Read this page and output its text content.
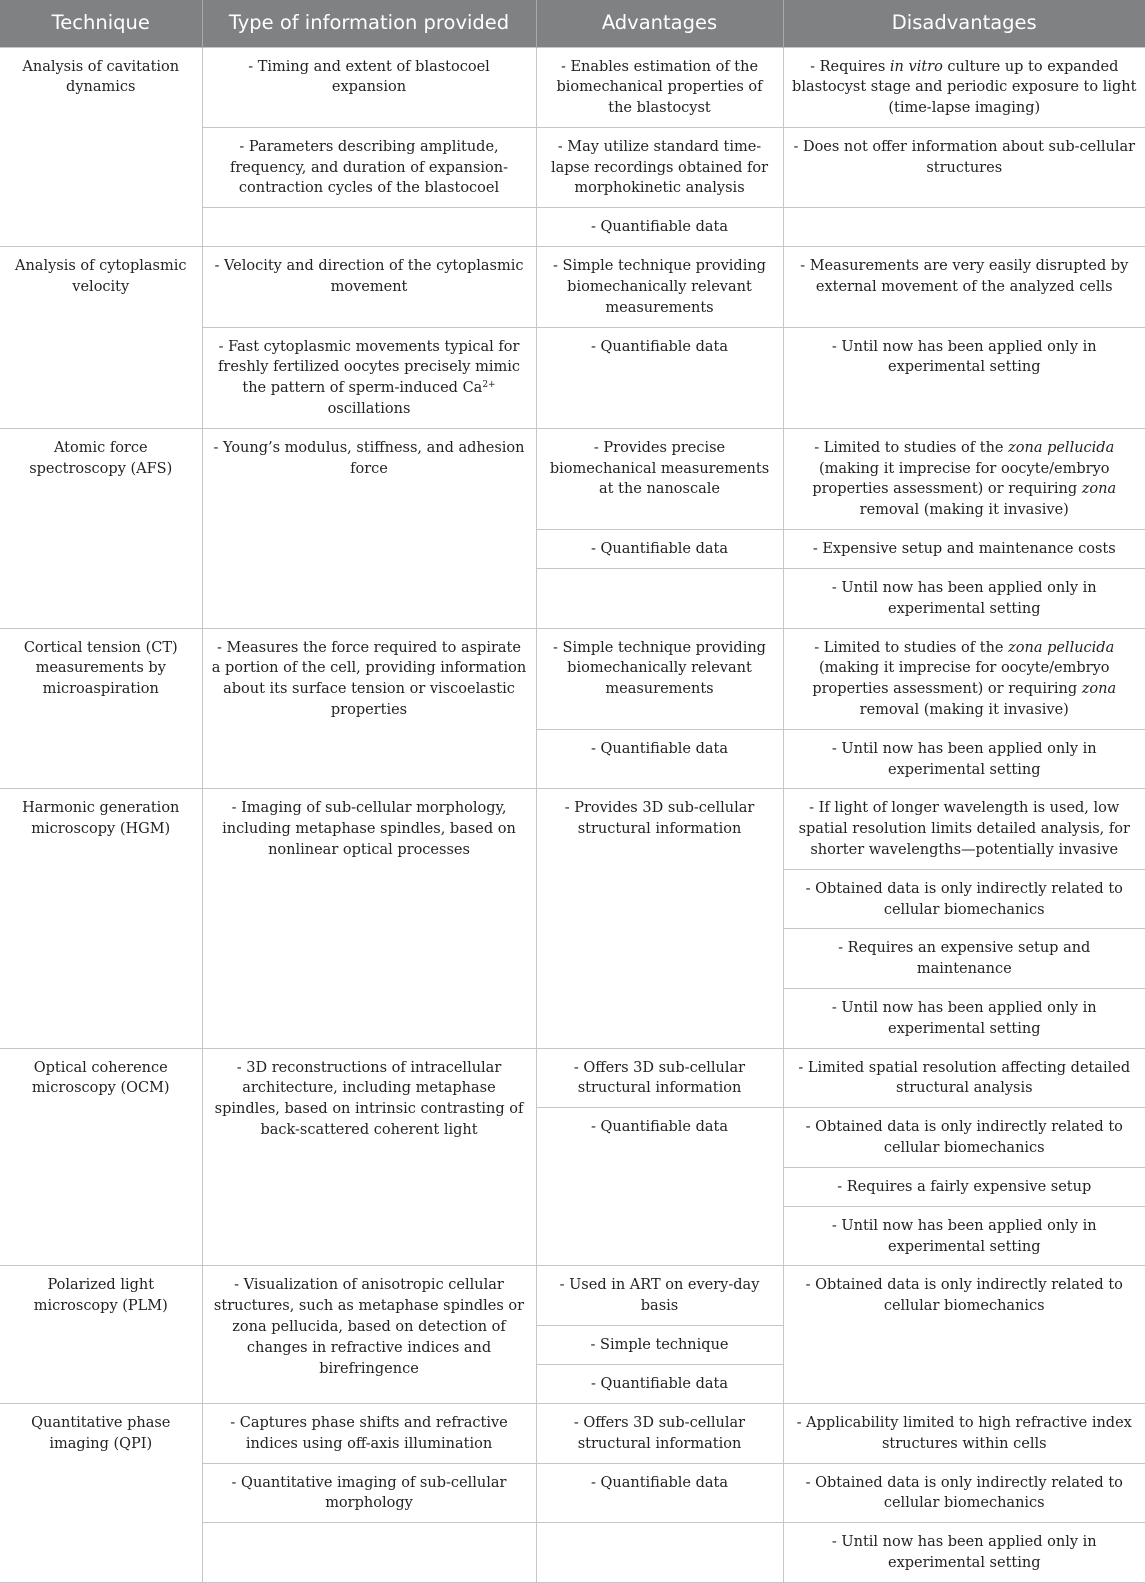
Technique	Type of information provided	Advantages	Disadvantages
Analysis of cavitation dynamics	- Timing and extent of blastocoel expansion	- Enables estimation of the biomechanical properties of the blastocyst	- Requires in vitro culture up to expanded blastocyst stage and periodic exposure to light (time-lapse imaging)
	- Parameters describing amplitude, frequency, and duration of expansion-contraction cycles of the blastocoel	- May utilize standard time-lapse recordings obtained for morphokinetic analysis	- Does not offer information about sub-cellular structures
		- Quantifiable data	
Analysis of cytoplasmic velocity	- Velocity and direction of the cytoplasmic movement	- Simple technique providing biomechanically relevant measurements	- Measurements are very easily disrupted by external movement of the analyzed cells
	- Fast cytoplasmic movements typical for freshly fertilized oocytes precisely mimic the pattern of sperm-induced $Ca^{2+}$ oscillations	- Quantifiable data	- Until now has been applied only in experimental setting
Atomic force spectroscopy (AFS)	- Young’s modulus, stiffness, and adhesion force	- Provides precise biomechanical measurements at the nanoscale	- Limited to studies of the zona pellucida (making it imprecise for oocyte/embryo properties assessment) or requiring zona removal (making it invasive)
		- Quantifiable data	- Expensive setup and maintenance costs
			- Until now has been applied only in experimental setting
Cortical tension (CT) measurements by microaspiration	- Measures the force required to aspirate a portion of the cell, providing information about its surface tension or viscoelastic properties	- Simple technique providing biomechanically relevant measurements	- Limited to studies of the zona pellucida (making it imprecise for oocyte/embryo properties assessment) or requiring zona removal (making it invasive)
		- Quantifiable data	- Until now has been applied only in experimental setting
Harmonic generation microscopy (HGM)	- Imaging of sub-cellular morphology, including metaphase spindles, based on nonlinear optical processes	- Provides 3D sub-cellular structural information	- If light of longer wavelength is used, low spatial resolution limits detailed analysis, for shorter wavelengths—potentially invasive
			- Obtained data is only indirectly related to cellular biomechanics
			- Requires an expensive setup and maintenance
			- Until now has been applied only in experimental setting
Optical coherence microscopy (OCM)	- 3D reconstructions of intracellular architecture, including metaphase spindles, based on intrinsic contrasting of back-scattered coherent light	- Offers 3D sub-cellular structural information	- Limited spatial resolution affecting detailed structural analysis
		- Quantifiable data	- Obtained data is only indirectly related to cellular biomechanics
			- Requires a fairly expensive setup
			- Until now has been applied only in experimental setting
Polarized light microscopy (PLM)	- Visualization of anisotropic cellular structures, such as metaphase spindles or zona pellucida, based on detection of changes in refractive indices and birefringence	- Used in ART on every-day basis	- Obtained data is only indirectly related to cellular biomechanics
		- Simple technique	
		- Quantifiable data	
Quantitative phase imaging (QPI)	- Captures phase shifts and refractive indices using off-axis illumination	- Offers 3D sub-cellular structural information	- Applicability limited to high refractive index structures within cells
	- Quantitative imaging of sub-cellular morphology	- Quantifiable data	- Obtained data is only indirectly related to cellular biomechanics
			- Until now has been applied only in experimental setting
